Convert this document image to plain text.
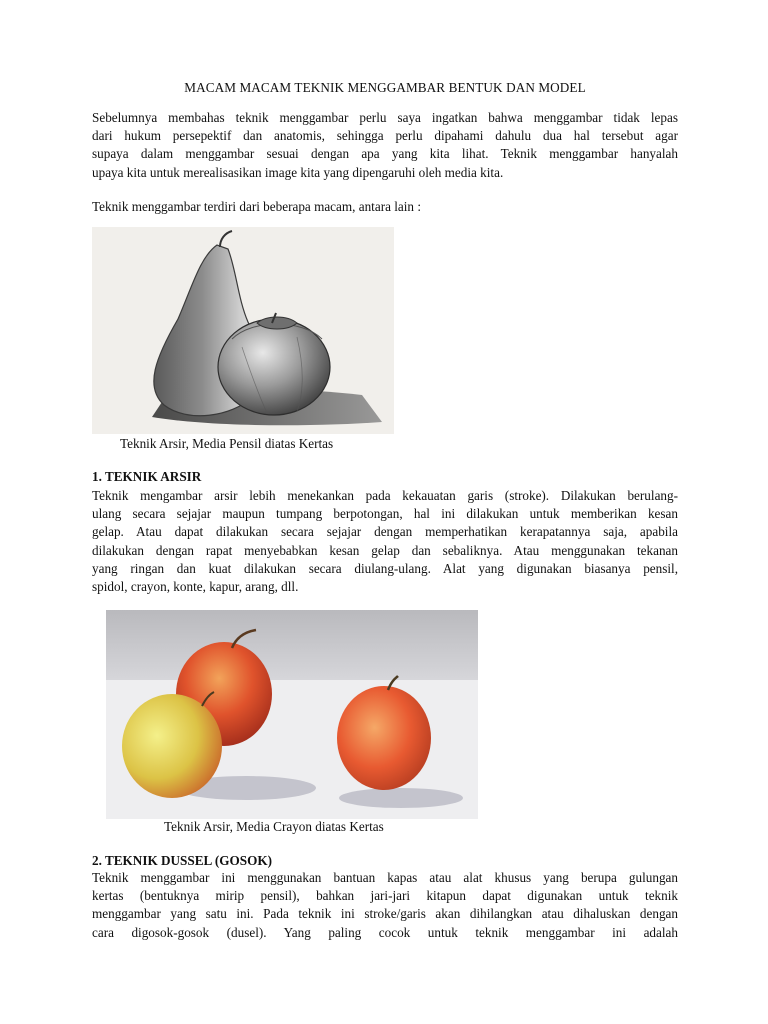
MACAM MACAM TEKNIK MENGGAMBAR BENTUK DAN MODEL
Sebelumnya membahas teknik menggambar perlu saya ingatkan bahwa menggambar tidak lepas
dari hukum persepektif dan anatomis, sehingga perlu dipahami dahulu dua hal tersebut agar
supaya dalam menggambar sesuai dengan apa yang kita lihat. Teknik menggambar hanyalah
upaya kita untuk merealisasikan image kita yang dipengaruhi oleh media kita.
Teknik menggambar terdiri dari beberapa macam, antara lain :
Teknik Arsir, Media Pensil diatas Kertas
1. TEKNIK ARSIR
Teknik mengambar arsir lebih menekankan pada kekauatan garis (stroke). Dilakukan berulang-
ulang secara sejajar maupun tumpang berpotongan, hal ini dilakukan untuk memberikan kesan
gelap. Atau dapat dilakukan secara sejajar dengan memperhatikan kerapatannya saja, apabila
dilakukan dengan rapat menyebabkan kesan gelap dan sebaliknya. Atau menggunakan tekanan
yang ringan dan kuat dilakukan secara diulang-ulang. Alat yang digunakan biasanya pensil,
spidol, crayon, konte, kapur, arang, dll.
Teknik Arsir, Media Crayon diatas Kertas
2. TEKNIK DUSSEL (GOSOK)
Teknik menggambar ini menggunakan bantuan kapas atau alat khusus yang berupa gulungan
kertas (bentuknya mirip pensil), bahkan jari-jari kitapun dapat digunakan untuk teknik
menggambar yang satu ini. Pada teknik ini stroke/garis akan dihilangkan atau dihaluskan dengan
cara digosok-gosok (dusel). Yang paling cocok untuk teknik menggambar ini adalah
